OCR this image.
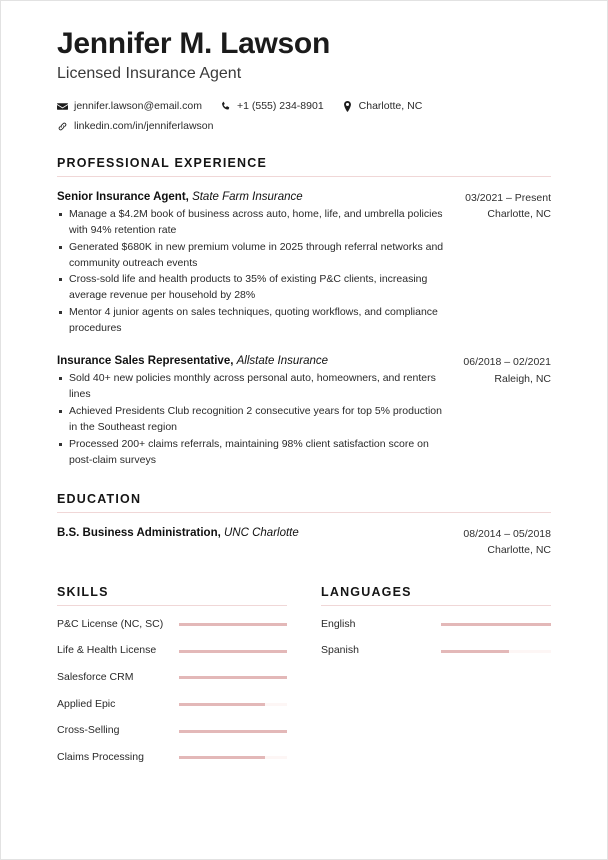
Jennifer M. Lawson
Licensed Insurance Agent
jennifer.lawson@email.com	+1 (555) 234-8901	Charlotte, NC
linkedin.com/in/jenniferlawson
PROFESSIONAL EXPERIENCE
Senior Insurance Agent, State Farm Insurance
Manage a $4.2M book of business across auto, home, life, and umbrella policies with 94% retention rate
Generated $680K in new premium volume in 2025 through referral networks and community outreach events
Cross-sold life and health products to 35% of existing P&C clients, increasing average revenue per household by 28%
Mentor 4 junior agents on sales techniques, quoting workflows, and compliance procedures
03/2021 – Present
Charlotte, NC
Insurance Sales Representative, Allstate Insurance
Sold 40+ new policies monthly across personal auto, homeowners, and renters lines
Achieved Presidents Club recognition 2 consecutive years for top 5% production in the Southeast region
Processed 200+ claims referrals, maintaining 98% client satisfaction score on post-claim surveys
06/2018 – 02/2021
Raleigh, NC
EDUCATION
B.S. Business Administration, UNC Charlotte	08/2014 – 05/2018
Charlotte, NC
SKILLS
P&C License (NC, SC)
Life & Health License
Salesforce CRM
Applied Epic
Cross-Selling
Claims Processing
LANGUAGES
English
Spanish
